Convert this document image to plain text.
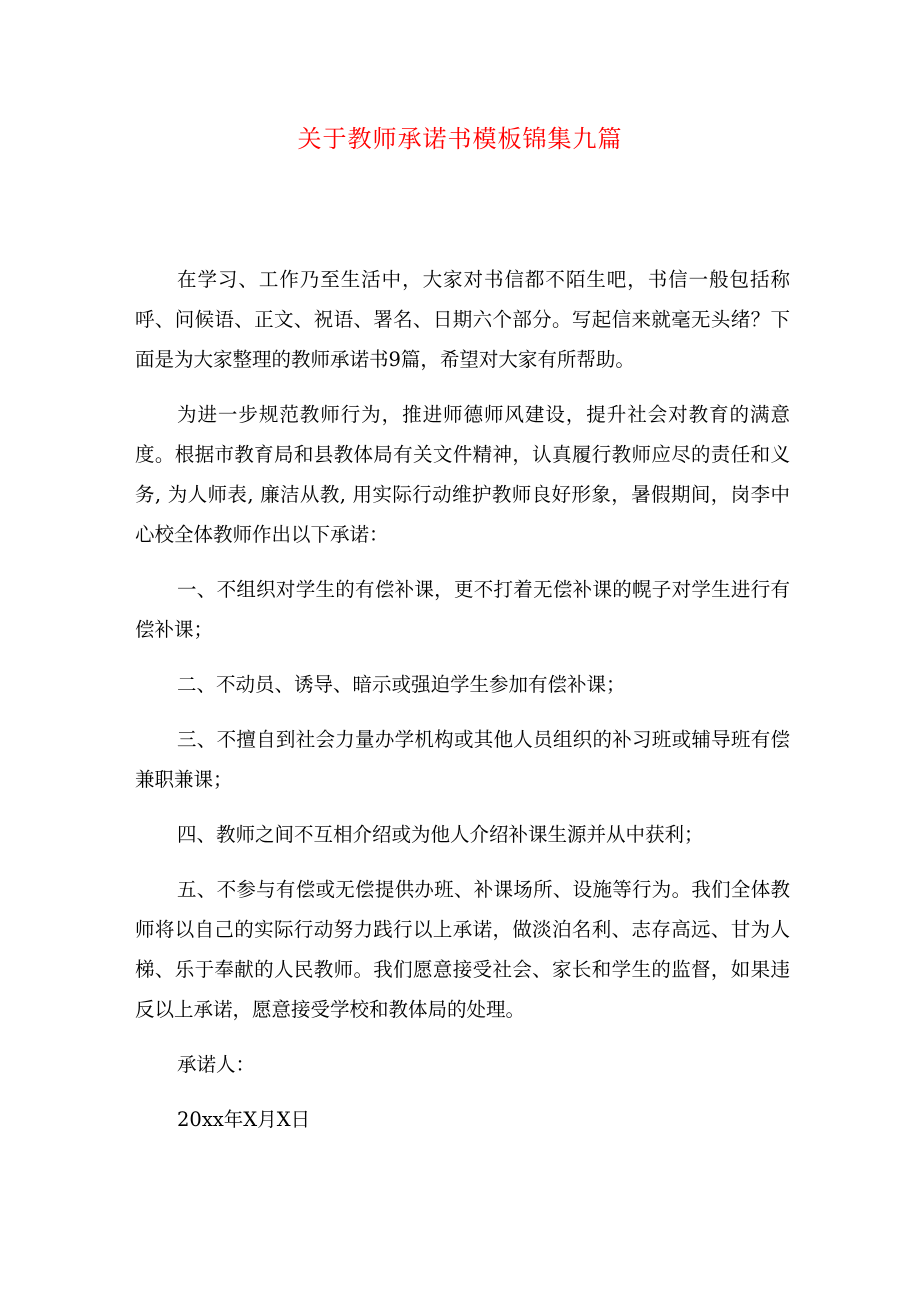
关于教师承诺书模板锦集九篇

在学习、工作乃至生活中，大家对书信都不陌生吧，书信一般包括称呼、问候语、正文、祝语、署名、日期六个部分。写起信来就毫无头绪？下面是为大家整理的教师承诺书9篇，希望对大家有所帮助。

为进一步规范教师行为，推进师德师风建设，提升社会对教育的满意度。根据市教育局和县教体局有关文件精神，认真履行教师应尽的责任和义务, 为人师表, 廉洁从教, 用实际行动维护教师良好形象，暑假期间，岗李中心校全体教师作出以下承诺：

一、不组织对学生的有偿补课，更不打着无偿补课的幌子对学生进行有偿补课；

二、不动员、诱导、暗示或强迫学生参加有偿补课；

三、不擅自到社会力量办学机构或其他人员组织的补习班或辅导班有偿兼职兼课；

四、教师之间不互相介绍或为他人介绍补课生源并从中获利；

五、不参与有偿或无偿提供办班、补课场所、设施等行为。我们全体教师将以自己的实际行动努力践行以上承诺，做淡泊名利、志存高远、甘为人梯、乐于奉献的人民教师。我们愿意接受社会、家长和学生的监督，如果违反以上承诺，愿意接受学校和教体局的处理。

承诺人：

20xx年X月X日
